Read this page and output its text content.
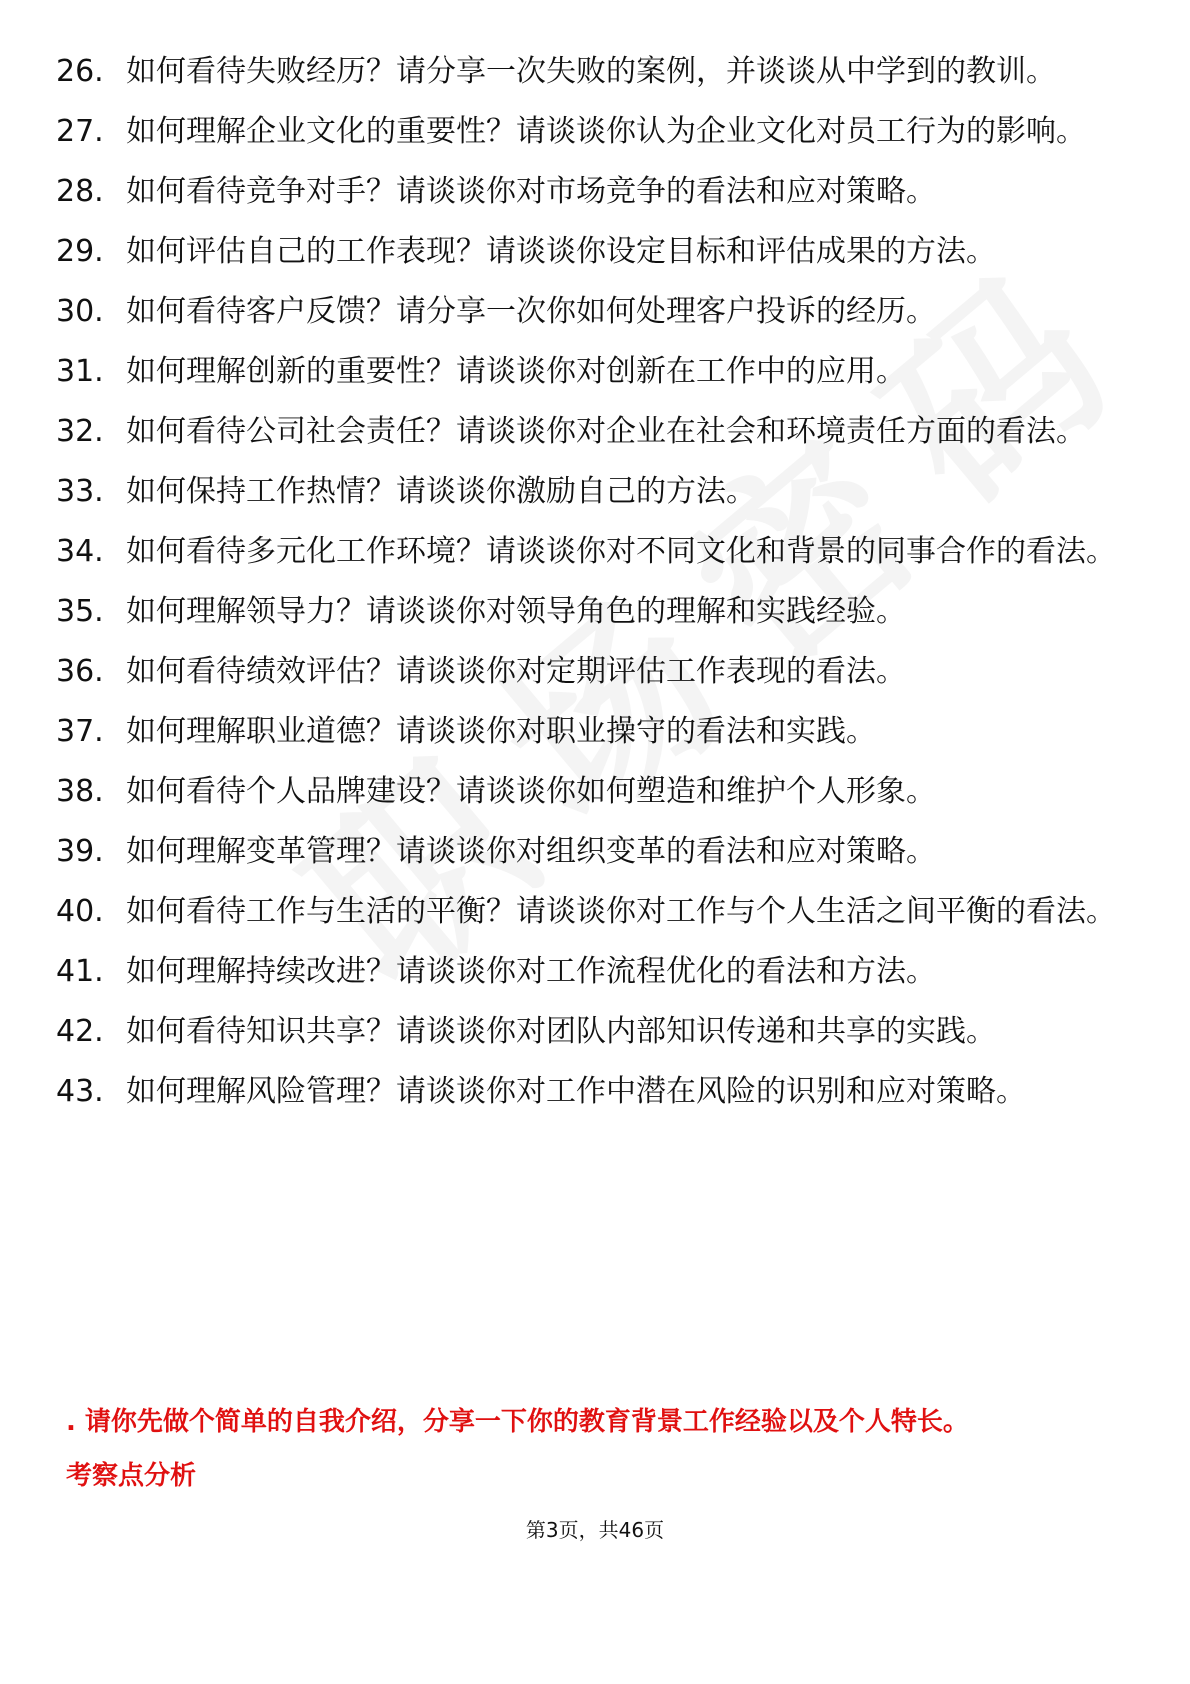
26. 如何看待失败经历？请分享一次失败的案例，并谈谈从中学到的教训。
27. 如何理解企业文化的重要性？请谈谈你认为企业文化对员工行为的影响。
28. 如何看待竞争对手？请谈谈你对市场竞争的看法和应对策略。
29. 如何评估自己的工作表现？请谈谈你设定目标和评估成果的方法。
30. 如何看待客户反馈？请分享一次你如何处理客户投诉的经历。
31. 如何理解创新的重要性？请谈谈你对创新在工作中的应用。
32. 如何看待公司社会责任？请谈谈你对企业在社会和环境责任方面的看法。
33. 如何保持工作热情？请谈谈你激励自己的方法。
34. 如何看待多元化工作环境？请谈谈你对不同文化和背景的同事合作的看法。
35. 如何理解领导力？请谈谈你对领导角色的理解和实践经验。
36. 如何看待绩效评估？请谈谈你对定期评估工作表现的看法。
37. 如何理解职业道德？请谈谈你对职业操守的看法和实践。
38. 如何看待个人品牌建设？请谈谈你如何塑造和维护个人形象。
39. 如何理解变革管理？请谈谈你对组织变革的看法和应对策略。
40. 如何看待工作与生活的平衡？请谈谈你对工作与个人生活之间平衡的看法。
41. 如何理解持续改进？请谈谈你对工作流程优化的看法和方法。
42. 如何看待知识共享？请谈谈你对团队内部知识传递和共享的实践。
43. 如何理解风险管理？请谈谈你对工作中潜在风险的识别和应对策略。
. 请你先做个简单的自我介绍，分享一下你的教育背景工作经验以及个人特长。
考察点分析
第3页，共46页
